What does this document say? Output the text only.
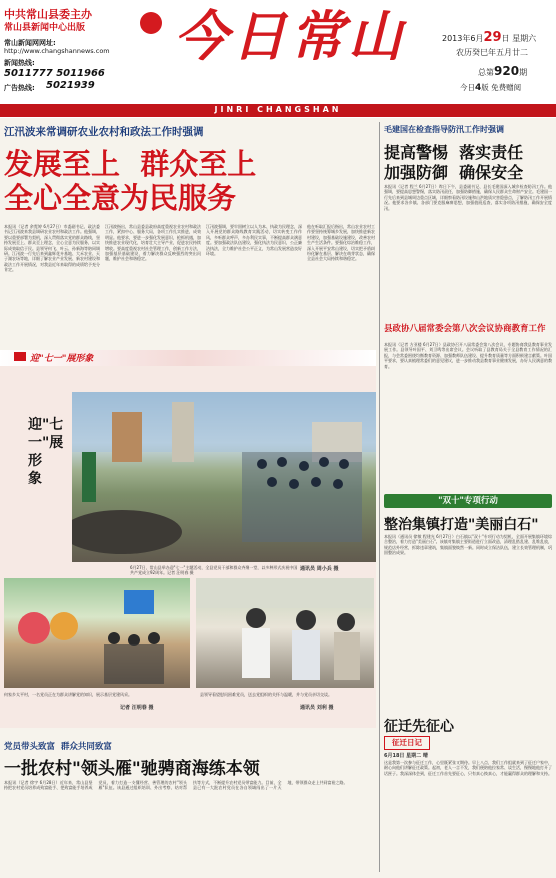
中共常山县委主办
常山县新闻中心出版
常山新闻网网址:
http://www.changshannews.com
新闻热线:
5011777 5011966
广告热线: 5021939
今日常山	2013年6月29日 星期六
农历癸巳年五月廿二
总第920期
今日4版 免费赠阅
JINRI CHANGSHAN
江汛波来常调研农业农村和政法工作时强调
发展至上  群众至上
全心全意为民服务
本报讯（记者 余霓婷 6月27日）市委副书记、政法委书记江汛波来我县调研农业农村和政法工作。他强调，要以重要部署为契机，深入贯彻落实党的群众路线，坚持发展至上、群众至上理念，全心全意为民服务，以实际成效取信于民。县领导何飞、叶云、孙新海等陪同调研。江汛波一行先后来到鑫辉花卉基地、大禾农业、天子湖农场等地，详细了解农业产业发展、新农村建设和政法工作开展情况，对我县近年来取得的成绩给予充分肯定。
江汛波指出，常山县委县政府高度重视农业农村和政法工作，紧扣中心、服务大局，各项工作扎实推进，成效明显。他要求，要进一步强化发展意识，抢抓机遇，加快推进农业现代化，培育壮大主导产业，促进农民持续增收。要高度重视农村社会管理工作，创新工作方法，加强基层基础建设，着力解决群众反映强烈的突出问题，维护社会和谐稳定。
江汛波强调，要牢固树立以人为本、执政为民理念，深入开展党的群众路线教育实践活动，切实转变工作作风，多听群众呼声，多办利民实事，不断提高群众满意度。要加强政法队伍建设，强化执法为民意识，公正廉洁执法，全力维护社会公平正义，为常山发展营造良好环境。
他在听取汇报后指出，常山农业农村工作要坚持统筹城乡发展，加快推进新农村建设，加强基础设施建设，改善农村生产生活条件。要强化综治维稳工作，深入开展平安常山建设，切实把矛盾纠纷化解在基层、解决在萌芽状态，确保全县社会大局持续和谐稳定。
毛建国在检查指导防汛工作时强调
提高警惕  落实责任
加强防御  确保安全
本报讯（记者 程兰 6月27日）昨日下午，县委副书记、县长毛建国深入城乡检查防汛工作。他强调，要提高思想警惕，落实防汛责任，加强防御措施，确保人民群众生命财产安全。毛建国一行先后来到县城周边重点区域，详细察看防汛设施和山洪地质灾害隐患点，了解防汛工作开展情况。他要求各乡镇、各部门要克服麻痹思想，加强值班巡查，落实各项防汛措施，确保安全度汛。
县政协八届常委会第八次会议协商教育工作
本报讯（记者 方亚楼 6月27日）县政协召开八届常委会第八次会议，专题协商我县教育事业发展工作。县领导叶国平、刘卫鸣等出席会议。会议听取了县教育局关于全县教育工作情况的汇报，与会常委围绕均衡教育资源、加强教师队伍建设、提升教育质量等方面积极建言献策。叶国平要求，要认真梳理常委们的意见建议，进一步推动我县教育事业健康发展，办好人民满意的教育。
"双十"专项行动
整治集镇打造"美丽白石"
本报讯（通讯员 徐敏 程建光 6月27日）白石镇以"双十"专项行动为契机，全面开展集镇环境综合整治，着力打造"美丽白石"。该镇对集镇主要街道进行立面改造，清理乱搭乱建、乱堆乱放，规范店外经营，拆除违章建筑，集镇面貌焕然一新。同时成立保洁队伍，建立长效管理机制，巩固整治成果。
征迁先征心
征迁日记
6月18日 星期二 晴
这是我第一次参与征迁工作，心里既紧张又期待。早上八点，我们工作组就来到了征迁户家中，耐心向他们讲解征迁政策。起初，老人一言不发，我们便陪他拉家常、谈生活，慢慢地他打开了话匣子。我深深体会到，征迁工作首先要征心，只有真心换真心，才能赢得群众的理解和支持。
迎"七一"展形象
迎"七一"展形象
通讯员 周小兵 摄
6月27日，常山县举办迎"七一"主题活动，全县党员干部和群众齐聚一堂，以多种形式庆祝中国共产党成立92周年。记者 汪明春 摄
何家乡太平村，一名党员正在为群众讲解党的知识，展示基层党建风采。
记者 汪明春 摄
县领导看望慰问困难党员，送去党组织的关怀与温暖，并与党员亲切交谈。
通讯员 刘利 摄
党员带头致富  群众共同致富
一批农村"领头雁"驰骋商海练本领
本报讯（记者 徐宇 6月28日）近年来，常山县坚持把农村党员培养成致富能手、把致富能手培养成党员，着力打造一支懂经营、善管理的农村"领头雁"队伍。该县通过组织培训、外出考察、结对帮扶等方式，不断提升农村党员带富能力。目前，全县已有一大批农村党员在各自领域闯出了一片天地，带领群众走上共同富裕之路。
